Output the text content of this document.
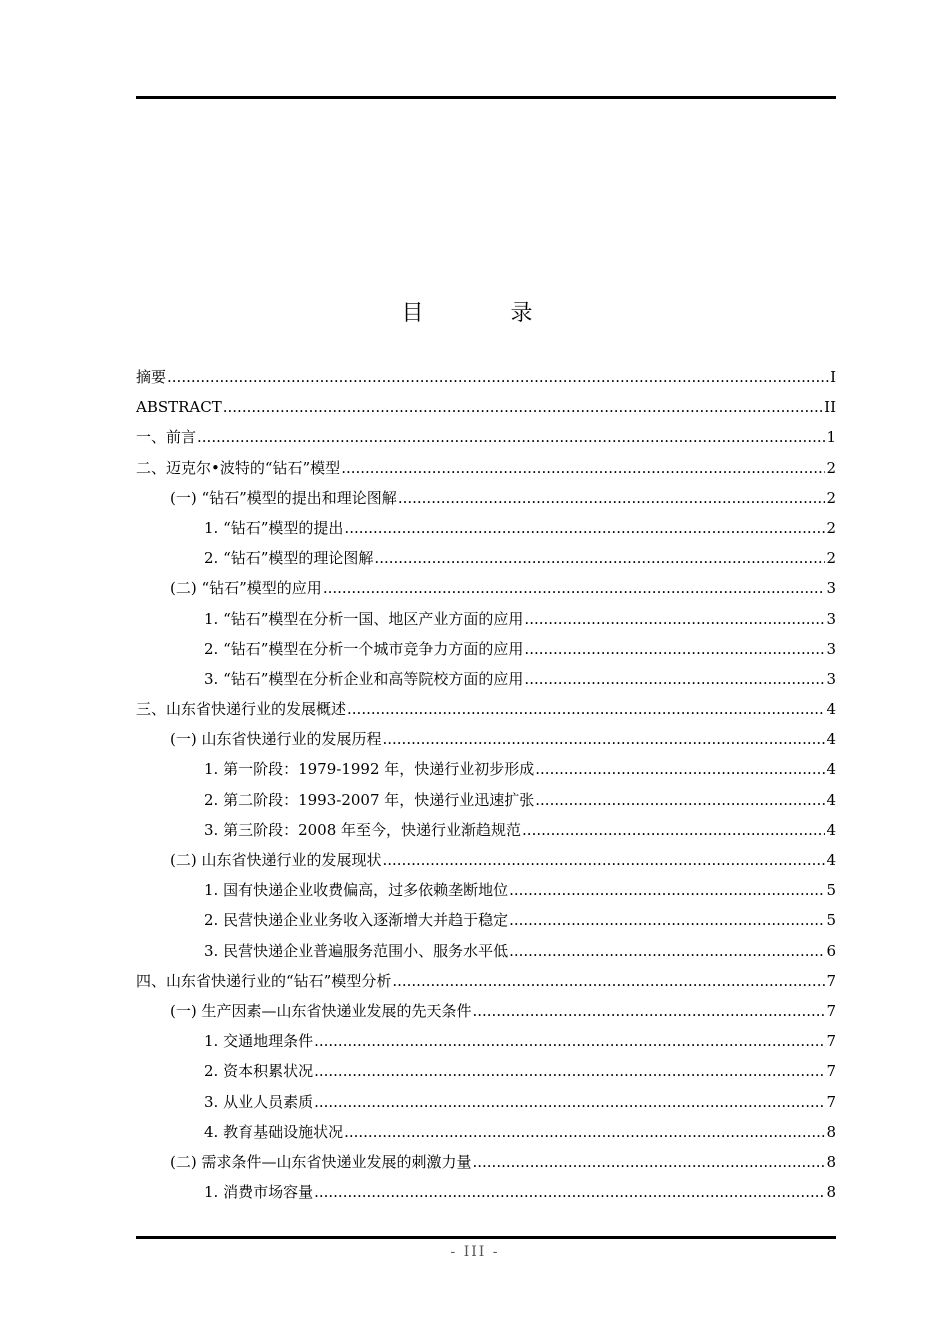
目 录
摘要 .....	I
ABSTRACT .....	II
一、前言 .....	1
二、迈克尔•波特的“钻石”模型 .....	2
(一) “钻石”模型的提出和理论图解 .....	2
1. “钻石”模型的提出 .....	2
2. “钻石”模型的理论图解 .....	2
(二) “钻石”模型的应用 .....	3
1. “钻石”模型在分析一国、地区产业方面的应用 .....	3
2. “钻石”模型在分析一个城市竞争力方面的应用 .....	3
3. “钻石”模型在分析企业和高等院校方面的应用 .....	3
三、山东省快递行业的发展概述 .....	4
(一) 山东省快递行业的发展历程 .....	4
1. 第一阶段：1979-1992 年，快递行业初步形成 .....	4
2. 第二阶段：1993-2007 年，快递行业迅速扩张 .....	4
3. 第三阶段：2008 年至今，快递行业渐趋规范 .....	4
(二) 山东省快递行业的发展现状 .....	4
1. 国有快递企业收费偏高，过多依赖垄断地位 .....	5
2. 民营快递企业业务收入逐渐增大并趋于稳定 .....	5
3. 民营快递企业普遍服务范围小、服务水平低 .....	6
四、山东省快递行业的“钻石”模型分析 .....	7
(一) 生产因素—山东省快递业发展的先天条件 .....	7
1. 交通地理条件 .....	7
2. 资本积累状况 .....	7
3. 从业人员素质 .....	7
4. 教育基础设施状况 .....	8
(二) 需求条件—山东省快递业发展的刺激力量 .....	8
1. 消费市场容量 .....	8
- III -
